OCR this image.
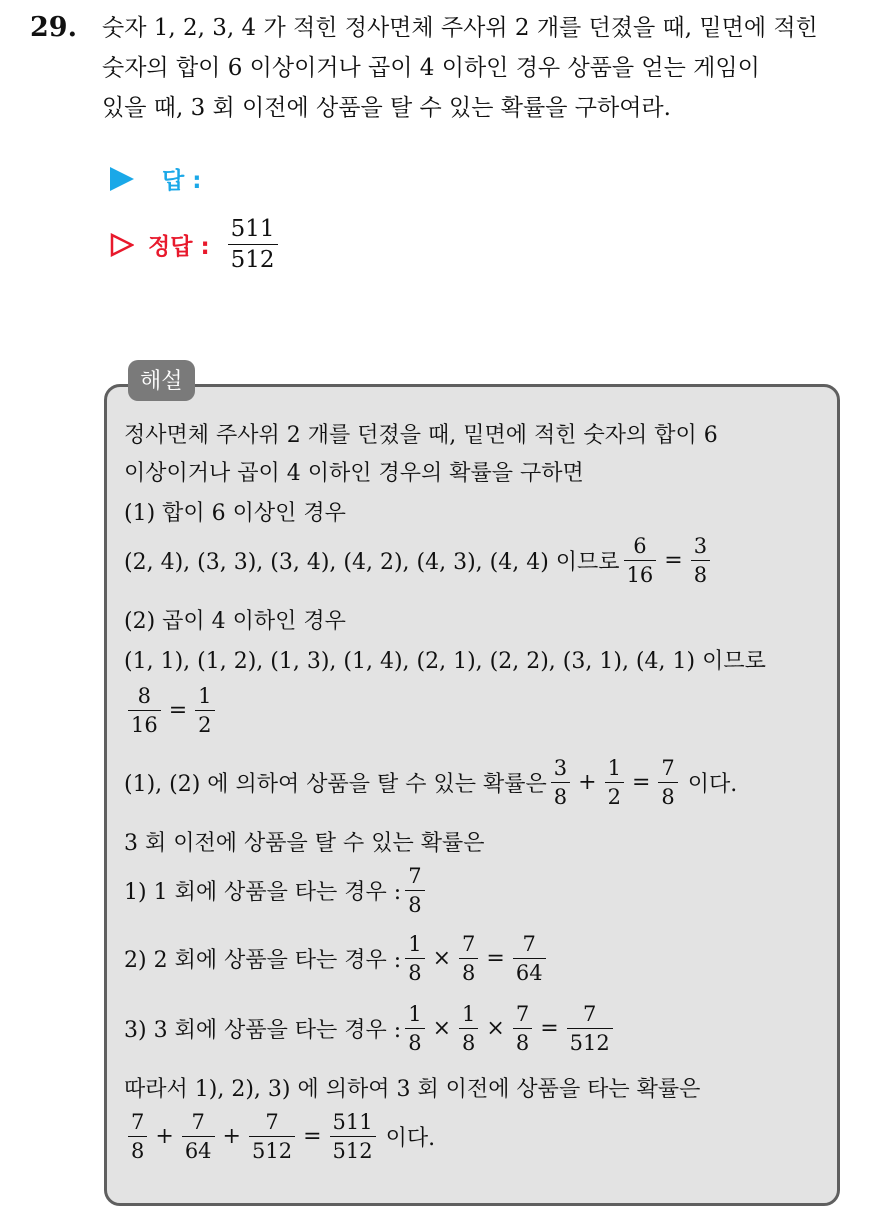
29. 숫자 1, 2, 3, 4 가 적힌 정사면체 주사위 2 개를 던졌을 때, 밑면에 적힌
숫자의 합이 6 이상이거나 곱이 4 이하인 경우 상품을 얻는 게임이
있을 때, 3 회 이전에 상품을 탈 수 있는 확률을 구하여라.
답 :
정답 : $\frac{511}{512}$
해설
정사면체 주사위 2 개를 던졌을 때, 밑면에 적힌 숫자의 합이 6
이상이거나 곱이 4 이하인 경우의 확률을 구하면
(1) 합이 6 이상인 경우
(2, 4), (3, 3), (3, 4), (4, 2), (4, 3), (4, 4) 이므로 $\frac{6}{16} = \frac{3}{8}$
(2) 곱이 4 이하인 경우
(1, 1), (1, 2), (1, 3), (1, 4), (2, 1), (2, 2), (3, 1), (4, 1) 이므로
$\frac{8}{16} = \frac{1}{2}$
(1), (2) 에 의하여 상품을 탈 수 있는 확률은 $\frac{3}{8} + \frac{1}{2} = \frac{7}{8}$ 이다.
3 회 이전에 상품을 탈 수 있는 확률은
1) 1 회에 상품을 타는 경우 : $\frac{7}{8}$
2) 2 회에 상품을 타는 경우 : $\frac{1}{8} \times \frac{7}{8} = \frac{7}{64}$
3) 3 회에 상품을 타는 경우 : $\frac{1}{8} \times \frac{1}{8} \times \frac{7}{8} = \frac{7}{512}$
따라서 1), 2), 3) 에 의하여 3 회 이전에 상품을 타는 확률은
$\frac{7}{8} + \frac{7}{64} + \frac{7}{512} = \frac{511}{512}$ 이다.
